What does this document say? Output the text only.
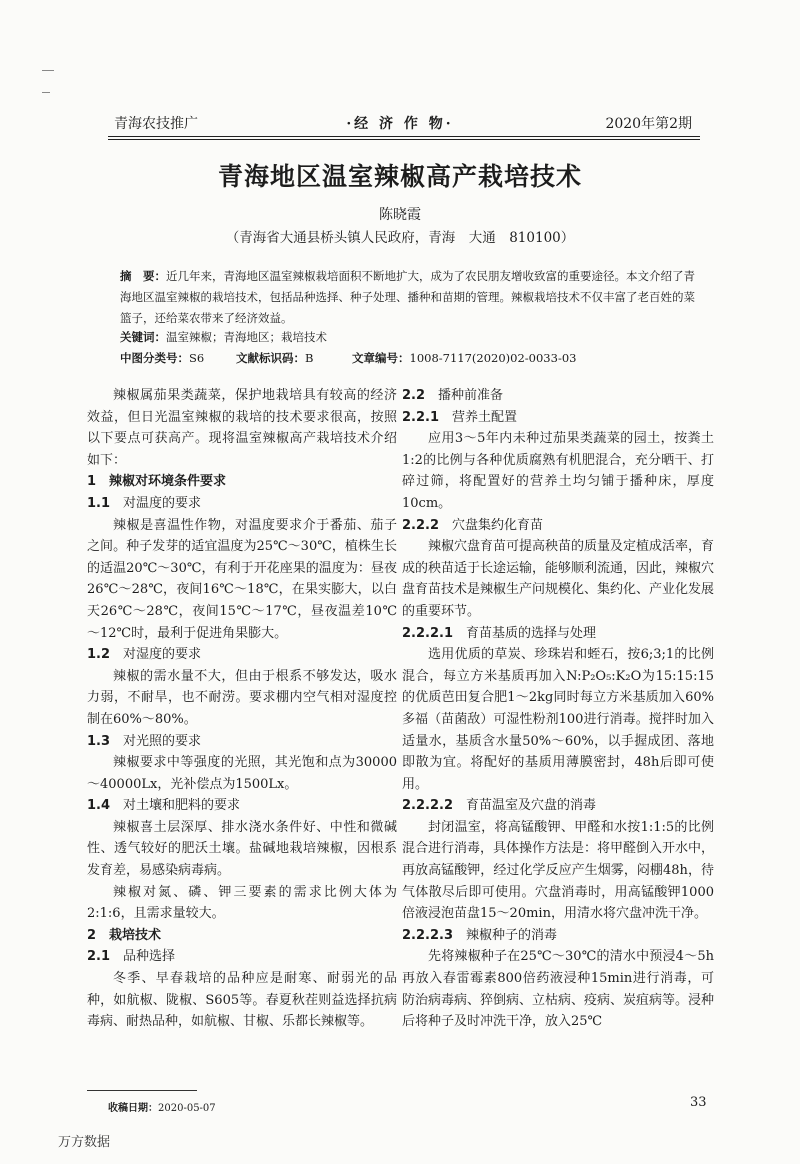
青海农技推广	·经 济 作 物·	2020年第2期
青海地区温室辣椒高产栽培技术
陈晓霞
（青海省大通县桥头镇人民政府，青海　大通　810100）
摘　要：近几年来，青海地区温室辣椒栽培面积不断地扩大，成为了农民朋友增收致富的重要途径。本文介绍了青海地区温室辣椒的栽培技术，包括品种选择、种子处理、播种和苗期的管理。辣椒栽培技术不仅丰富了老百姓的菜篮子，还给菜农带来了经济效益。
关键词：温室辣椒；青海地区；栽培技术
中图分类号：S6	文献标识码：B	文章编号：1008-7117(2020)02-0033-03

辣椒属茄果类蔬菜，保护地栽培具有较高的经济效益，但日光温室辣椒的栽培的技术要求很高，按照以下要点可获高产。现将温室辣椒高产栽培技术介绍如下：

1　辣椒对环境条件要求

1.1　 对温度的要求

辣椒是喜温性作物，对温度要求介于番茄、茄子之间。种子发芽的适宜温度为25℃～30℃，植株生长的适温20℃～30℃，有利于开花座果的温度为：昼夜26℃～28℃，夜间16℃～18℃，在果实膨大，以白天26℃～28℃，夜间15℃～17℃，昼夜温差10℃～12℃时，最利于促进角果膨大。

1.2　 对湿度的要求

辣椒的需水量不大，但由于根系不够发达，吸水力弱，不耐旱，也不耐涝。要求棚内空气相对湿度控制在60%～80%。

1.3　 对光照的要求

辣椒要求中等强度的光照，其光饱和点为30000～40000Lx，光补偿点为1500Lx。

1.4　 对土壤和肥料的要求

辣椒喜土层深厚、排水浇水条件好、中性和微碱性、透气较好的肥沃土壤。盐碱地栽培辣椒，因根系发育差，易感染病毒病。

辣椒对氮、磷、钾三要素的需求比例大体为2:1:6，且需求量较大。

2　栽培技术

2.1　 品种选择

冬季、早春栽培的品种应是耐寒、耐弱光的品种，如航椒、陇椒、S605等。春夏秋茬则益选择抗病毒病、耐热品种，如航椒、甘椒、乐都长辣椒等。

2.2　 播种前准备

2.2.1　 营养土配置

应用3～5年内未种过茄果类蔬菜的园土，按粪土1:2的比例与各种优质腐熟有机肥混合，充分晒干、打碎过筛，将配置好的营养土均匀铺于播种床，厚度10cm。

2.2.2　 穴盘集约化育苗

辣椒穴盘育苗可提高秧苗的质量及定植成活率，育成的秧苗适于长途运输，能够顺利流通，因此，辣椒穴盘育苗技术是辣椒生产问规模化、集约化、产业化发展的重要环节。

2.2.2.1　 育苗基质的选择与处理

选用优质的草炭、珍珠岩和蛭石，按6;3;1的比例混合，每立方米基质再加入N:P₂O₅:K₂O为15:15:15的优质芭田复合肥1～2kg同时每立方米基质加入60%多福（苗菌敌）可湿性粉剂100进行消毒。搅拌时加入适量水，基质含水量50%～60%，以手握成团、落地即散为宜。将配好的基质用薄膜密封，48h后即可使用。

2.2.2.2　 育苗温室及穴盘的消毒

封闭温室，将高锰酸钾、甲醛和水按1:1:5的比例混合进行消毒，具体操作方法是：将甲醛倒入开水中，再放高锰酸钾，经过化学反应产生烟雾，闷棚48h，待气体散尽后即可使用。穴盘消毒时，用高锰酸钾1000倍液浸泡苗盘15～20min，用清水将穴盘冲洗干净。

2.2.2.3　 辣椒种子的消毒

先将辣椒种子在25℃～30℃的清水中预浸4～5h再放入春雷霉素800倍药液浸种15min进行消毒，可防治病毒病、猝倒病、立枯病、疫病、炭疽病等。浸种后将种子及时冲洗干净，放入25℃

收稿日期：2020-05-07	33
万方数据
